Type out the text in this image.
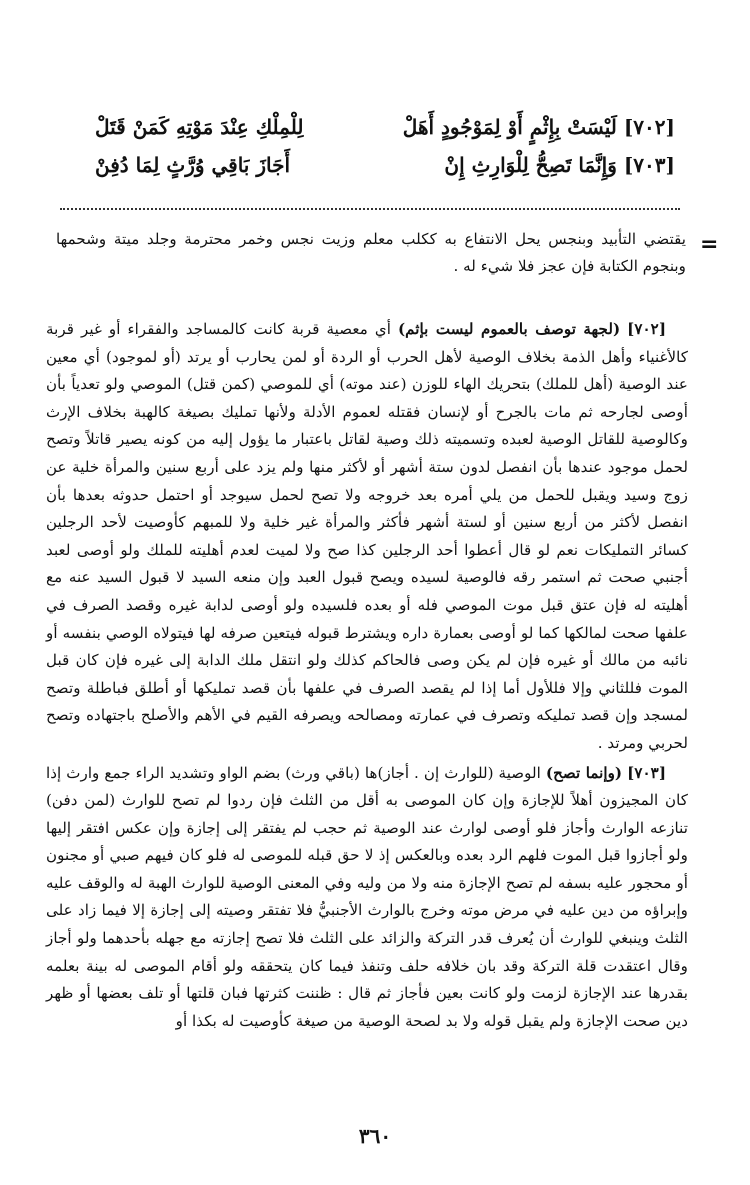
[٧٠٢] لَيْسَتْ بِإِثْمٍ أَوْ لِمَوْجُودٍ أَهَلْ
لِلْمِلْكِ عِنْدَ مَوْتِهِ كَمَنْ قَتَلْ
[٧٠٣] وَإِنَّمَا تَصِحُّ لِلْوَارِثِ إِنْ
أَجَازَ بَاقِي وُرَّثٍ لِمَا دُفِنْ
=

يقتضي التأبيد وبنجس يحل الانتفاع به ككلب معلم وزيت نجس وخمر محترمة وجلد ميتة وشحمها وبنجوم الكتابة فإن عجز فلا شيء له .

[٧٠٢] (لجهة توصف بالعموم ليست بإثم) أي معصية قربة كانت كالمساجد والفقراء أو غير قربة كالأغنياء وأهل الذمة بخلاف الوصية لأهل الحرب أو الردة أو لمن يحارب أو يرتد (أو لموجود) أي معين عند الوصية (أهل للملك) بتحريك الهاء للوزن (عند موته) أي للموصي (كمن قتل) الموصي ولو تعدياً بأن أوصى لجارحه ثم مات بالجرح أو لإنسان فقتله لعموم الأدلة ولأنها تمليك بصيغة كالهبة بخلاف الإرث وكالوصية للقاتل الوصية لعبده وتسميته ذلك وصية لقاتل باعتبار ما يؤول إليه من كونه يصير قاتلاً وتصح لحمل موجود عندها بأن انفصل لدون ستة أشهر أو لأكثر منها ولم يزد على أربع سنين والمرأة خلية عن زوج وسيد ويقبل للحمل من يلي أمره بعد خروجه ولا تصح لحمل سيوجد أو احتمل حدوثه بعدها بأن انفصل لأكثر من أربع سنين أو لستة أشهر فأكثر والمرأة غير خلية ولا للمبهم كأوصيت لأحد الرجلين كسائر التمليكات نعم لو قال أعطوا أحد الرجلين كذا صح ولا لميت لعدم أهليته للملك ولو أوصى لعبد أجنبي صحت ثم استمر رقه فالوصية لسيده ويصح قبول العبد وإن منعه السيد لا قبول السيد عنه مع أهليته له فإن عتق قبل موت الموصي فله أو بعده فلسيده ولو أوصى لدابة غيره وقصد الصرف في علفها صحت لمالكها كما لو أوصى بعمارة داره ويشترط قبوله فيتعين صرفه لها فيتولاه الوصي بنفسه أو نائبه من مالك أو غيره فإن لم يكن وصى فالحاكم كذلك ولو انتقل ملك الدابة إلى غيره فإن كان قبل الموت فللثاني وإلا فللأول أما إذا لم يقصد الصرف في علفها بأن قصد تمليكها أو أطلق فباطلة وتصح لمسجد وإن قصد تمليكه وتصرف في عمارته ومصالحه ويصرفه القيم في الأهم والأصلح باجتهاده وتصح لحربي ومرتد .

[٧٠٣] (وإنما تصح) الوصية (للوارث إن . أجاز)ها (باقي ورث) بضم الواو وتشديد الراء جمع وارث إذا كان المجيزون أهلاً للإجازة وإن كان الموصى به أقل من الثلث فإن ردوا لم تصح للوارث (لمن دفن) تنازعه الوارث وأجاز فلو أوصى لوارث عند الوصية ثم حجب لم يفتقر إلى إجازة وإن عكس افتقر إليها ولو أجازوا قبل الموت فلهم الرد بعده وبالعكس إذ لا حق قبله للموصى له فلو كان فيهم صبي أو مجنون أو محجور عليه بسفه لم تصح الإجازة منه ولا من وليه وفي المعنى الوصية للوارث الهبة له والوقف عليه وإبراؤه من دين عليه في مرض موته وخرج بالوارث الأجنبيُّ فلا تفتقر وصيته إلى إجازة إلا فيما زاد على الثلث وينبغي للوارث أن يُعرف قدر التركة والزائد على الثلث فلا تصح إجازته مع جهله بأحدهما ولو أجاز وقال اعتقدت قلة التركة وقد بان خلافه حلف وتنفذ فيما كان يتحققه ولو أقام الموصى له بينة بعلمه بقدرها عند الإجازة لزمت ولو كانت بعين فأجاز ثم قال : ظننت كثرتها فبان قلتها أو تلف بعضها أو ظهر دين صحت الإجازة ولم يقبل قوله ولا بد لصحة الوصية من صيغة كأوصيت له بكذا أو

٣٦٠
